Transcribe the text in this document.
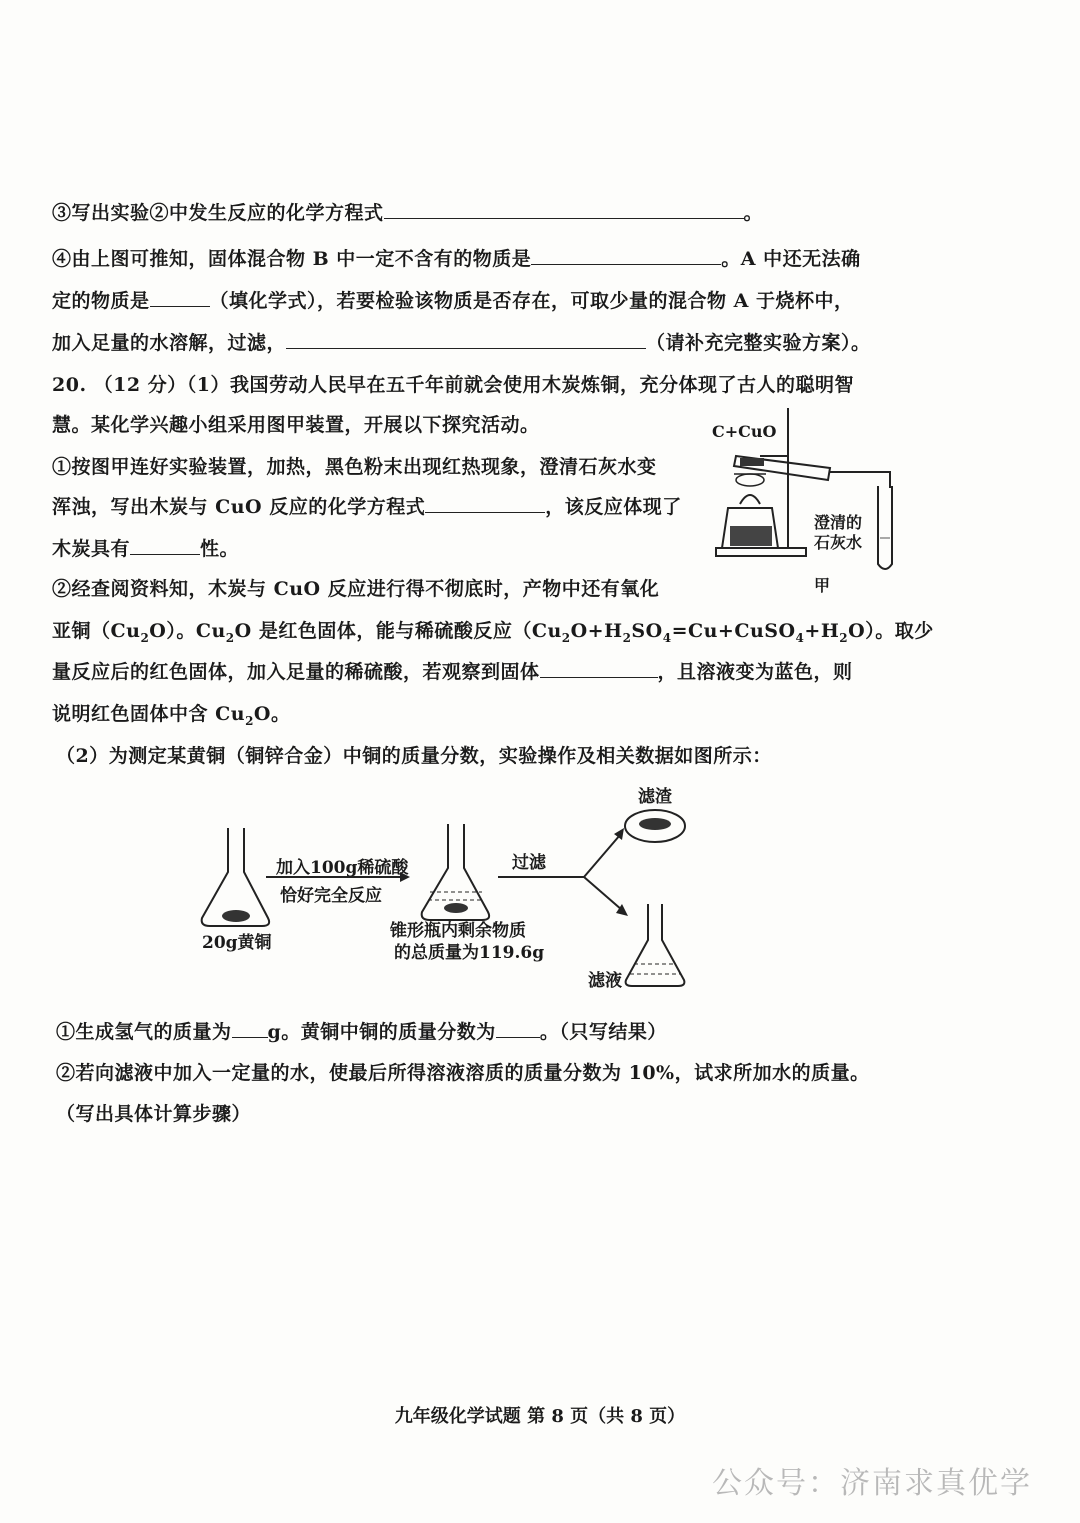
③写出实验②中发生反应的化学方程式	。
④由上图可推知，固体混合物 B 中一定不含有的物质是	。A 中还无法确
定的物质是	（填化学式），若要检验该物质是否存在，可取少量的混合物 A 于烧杯中，
加入足量的水溶解，过滤，	（请补充完整实验方案）。
20. （12 分）（1）我国劳动人民早在五千年前就会使用木炭炼铜，充分体现了古人的聪明智
慧。某化学兴趣小组采用图甲装置，开展以下探究活动。
①按图甲连好实验装置，加热，黑色粉末出现红热现象，澄清石灰水变
浑浊，写出木炭与 CuO 反应的化学方程式	，该反应体现了
木炭具有	性。
②经查阅资料知，木炭与 CuO 反应进行得不彻底时，产物中还有氧化
亚铜$(Cu_2O)$。$Cu_2O$ 是红色固体，能与稀硫酸反应$(Cu_2O+H_2SO_4=Cu+CuSO_4+H_2O)$。取少
量反应后的红色固体，加入足量的稀硫酸，若观察到固体	，且溶液变为蓝色，则
说明红色固体中含 $Cu_2O$。
（2）为测定某黄铜（铜锌合金）中铜的质量分数，实验操作及相关数据如图所示：
C+CuO
澄清的
石灰水
甲
20g黄铜
加入100g稀硫酸
恰好完全反应
锥形瓶内剩余物质
的总质量为119.6g
过滤
滤渣
滤液
①生成氢气的质量为 g。黄铜中铜的质量分数为 。（只写结果）
②若向滤液中加入一定量的水，使最后所得溶液溶质的质量分数为 10%，试求所加水的质量。
（写出具体计算步骤）
九年级化学试题 第 8 页（共 8 页）
公众号：济南求真优学
